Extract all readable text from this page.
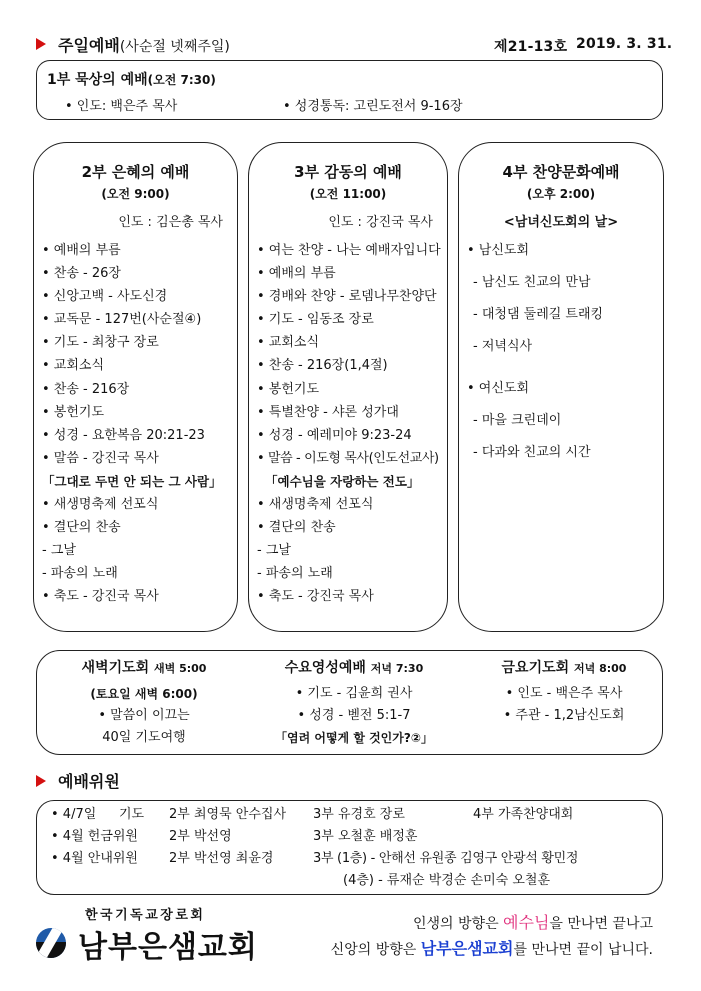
주일예배(사순절 넷째주일)	제21-13호 2019. 3. 31.
1부 묵상의 예배(오전 7:30)
• 인도: 백은주 목사	• 성경통독: 고린도전서 9-16장
2부 은혜의 예배
(오전 9:00)
인도 : 김은총 목사
• 예배의 부름
• 찬송 - 26장
• 신앙고백 - 사도신경
• 교독문 - 127번(사순절④)
• 기도 - 최창구 장로
• 교회소식
• 찬송 - 216장
• 봉헌기도
• 성경 - 요한복음 20:21-23
• 말씀 - 강진국 목사
「그대로 두면 안 되는 그 사람」
• 새생명축제 선포식
• 결단의 찬송
- 그날
- 파송의 노래
• 축도 - 강진국 목사
3부 감동의 예배
(오전 11:00)
인도 : 강진국 목사
• 여는 찬양 - 나는 예배자입니다
• 예배의 부름
• 경배와 찬양 - 로뎀나무찬양단
• 기도 - 임동조 장로
• 교회소식
• 찬송 - 216장(1,4절)
• 봉헌기도
• 특별찬양 - 샤론 성가대
• 성경 - 예레미야 9:23-24
• 말씀 - 이도형 목사(인도선교사)
「예수님을 자랑하는 전도」
• 새생명축제 선포식
• 결단의 찬송
- 그날
- 파송의 노래
• 축도 - 강진국 목사
4부 찬양문화예배
(오후 2:00)
<남녀신도회의 날>
• 남신도회
- 남신도 친교의 만남
- 대청댐 둘레길 트래킹
- 저녁식사
• 여신도회
- 마을 크린데이
- 다과와 친교의 시간
새벽기도회 새벽 5:00
(토요일 새벽 6:00)
• 말씀이 이끄는
40일 기도여행
수요영성예배 저녁 7:30
• 기도 - 김윤희 권사
• 성경 - 벧전 5:1-7
「염려 어떻게 할 것인가?②」
금요기도회 저녁 8:00
• 인도 - 백은주 목사
• 주관 - 1,2남신도회
예배위원
• 4/7일 기도 2부 최영묵 안수집사 3부 유경호 장로	4부 가족찬양대회
• 4월 헌금위원 2부 박선영	3부 오철훈 배정훈
• 4월 안내위원 2부 박선영 최윤경	3부 (1층) - 안해선 유원종 김영구 안광석 황민정
(4층) - 류재순 박경순 손미숙 오철훈
한국기독교장로회
남부은샘교회
인생의 방향은 예수님을 만나면 끝나고
신앙의 방향은 남부은샘교회를 만나면 끝이 납니다.
